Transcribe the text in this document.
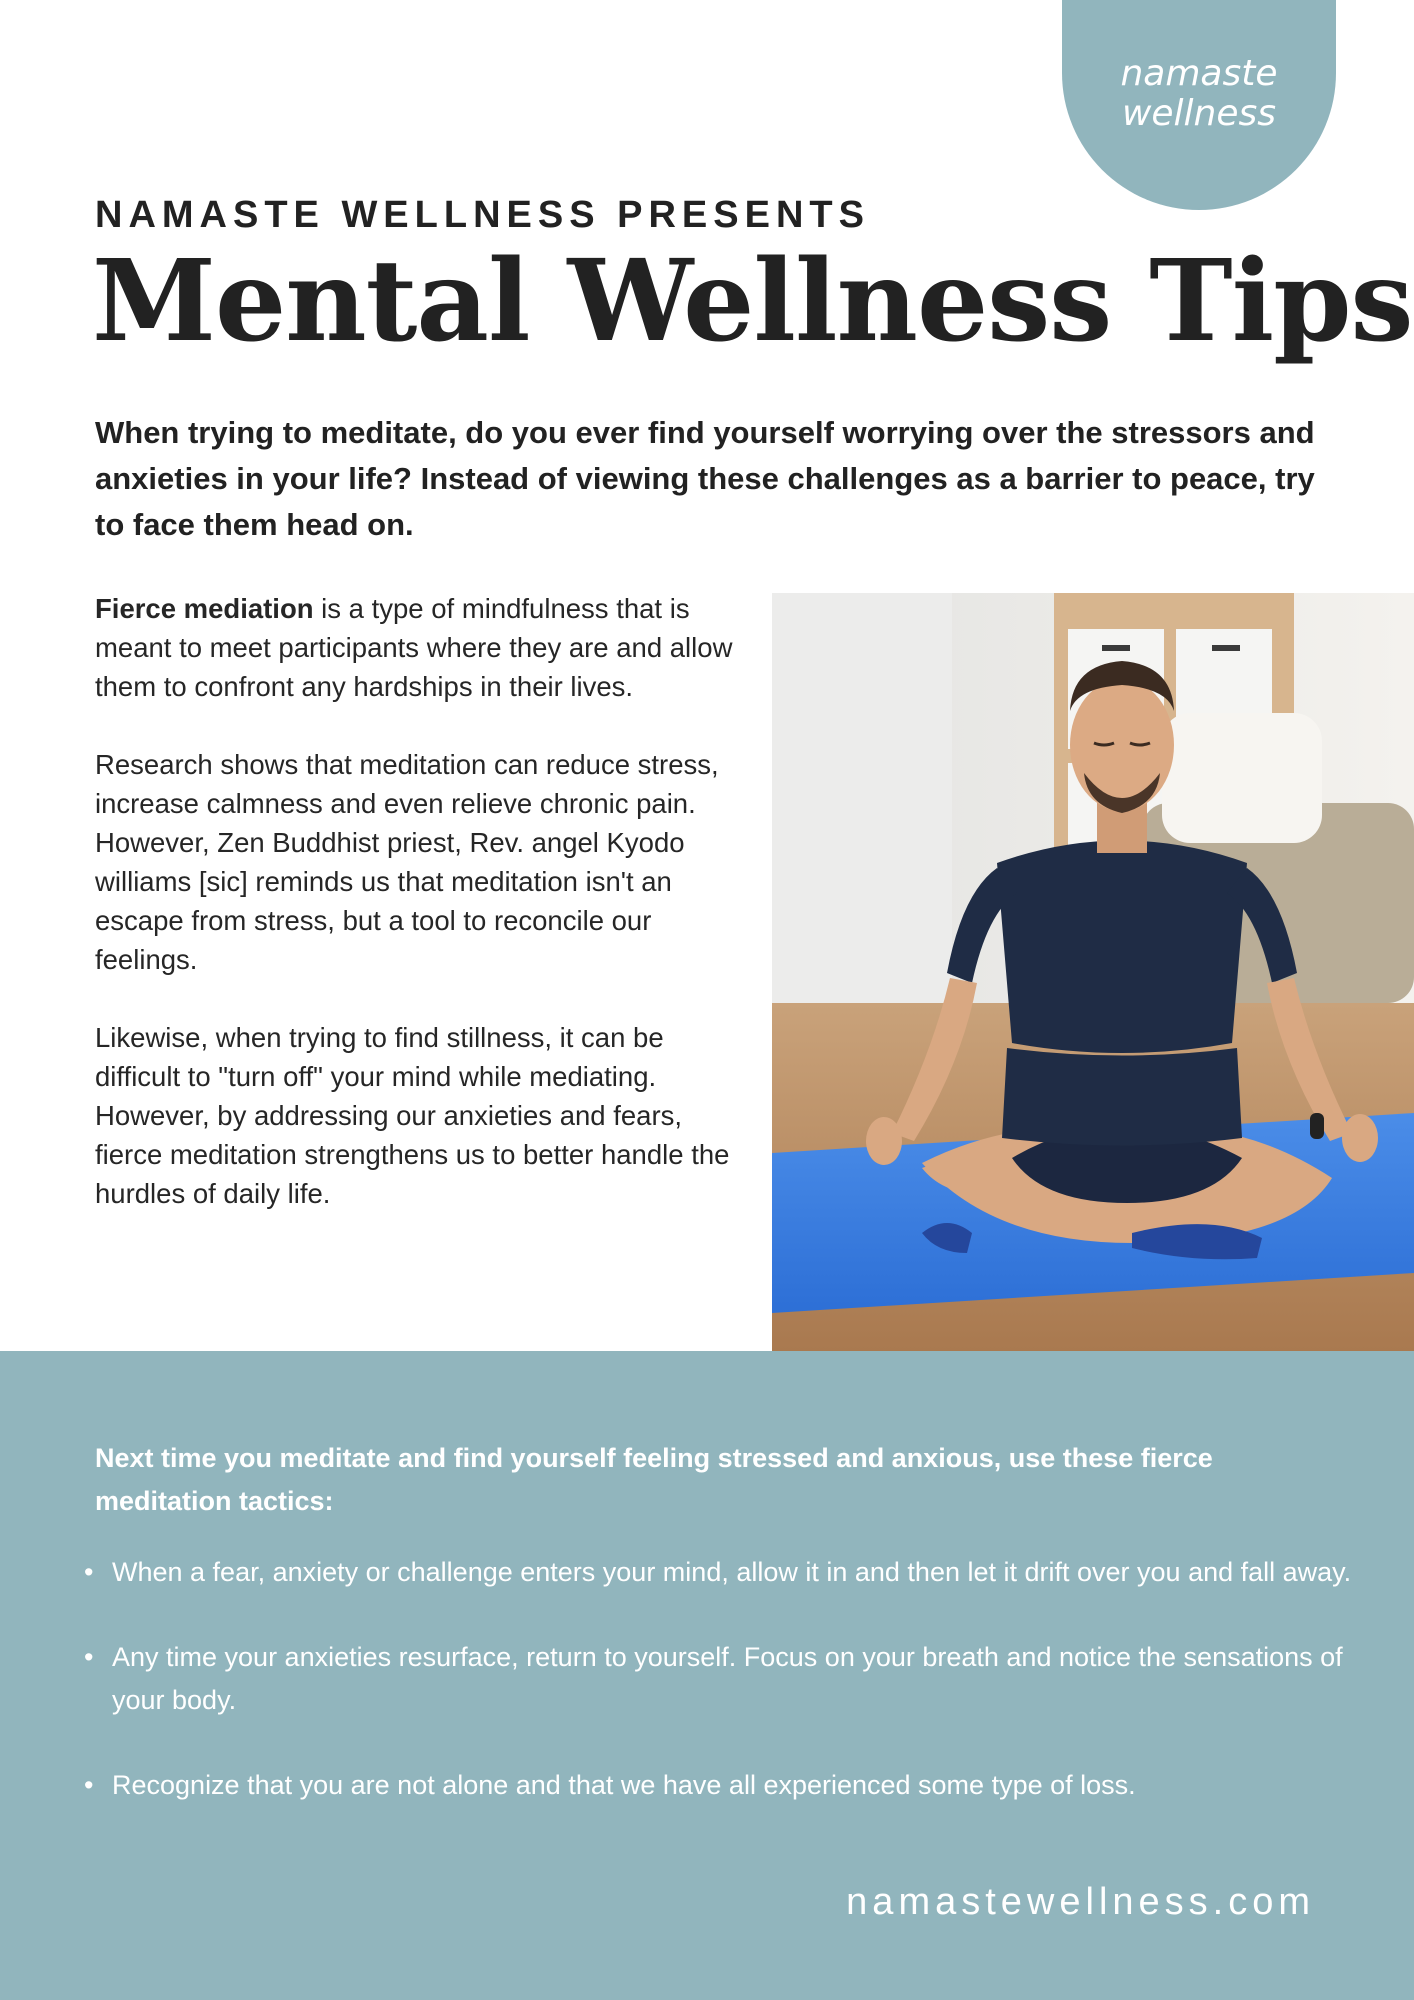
namaste
wellness
NAMASTE WELLNESS PRESENTS
Mental Wellness Tips

When trying to meditate, do you ever find yourself worrying over the stressors and anxieties in your life? Instead of viewing these challenges as a barrier to peace, try to face them head on.

Fierce mediation is a type of mindfulness that is meant to meet participants where they are and allow them to confront any hardships in their lives.

Research shows that meditation can reduce stress, increase calmness and even relieve chronic pain. However, Zen Buddhist priest, Rev. angel Kyodo williams [sic] reminds us that meditation isn't an escape from stress, but a tool to reconcile our feelings.

Likewise, when trying to find stillness, it can be difficult to "turn off" your mind while mediating. However, by addressing our anxieties and fears, fierce meditation strengthens us to better handle the hurdles of daily life.

Next time you meditate and find yourself feeling stressed and anxious, use these fierce meditation tactics:

• When a fear, anxiety or challenge enters your mind, allow it in and then let it drift over you and fall away.
• Any time your anxieties resurface, return to yourself. Focus on your breath and notice the sensations of your body.
• Recognize that you are not alone and that we have all experienced some type of loss.

namastewellness.com
